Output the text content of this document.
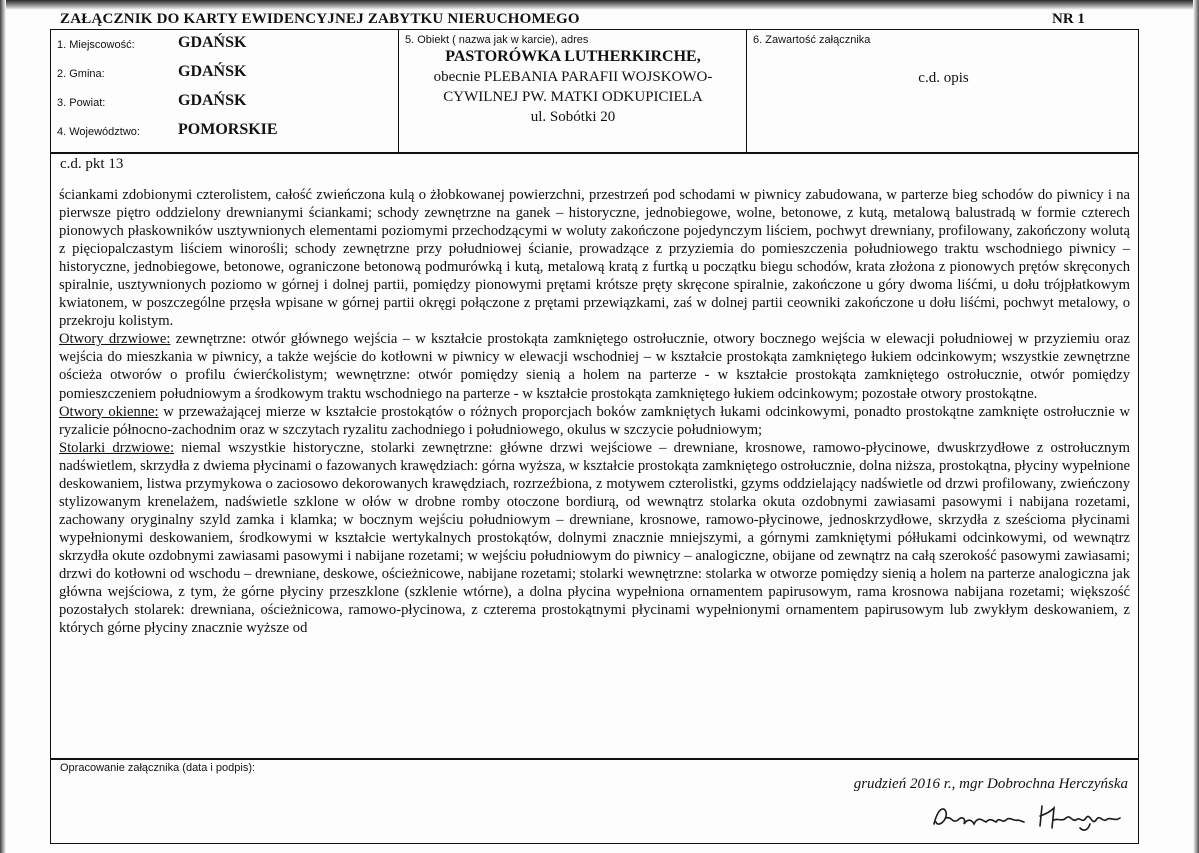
ZAŁĄCZNIK DO KARTY EWIDENCYJNEJ ZABYTKU NIERUCHOMEGO	NR 1
1. Miejscowość:	GDAŃSK
2. Gmina:	GDAŃSK
3. Powiat:	GDAŃSK
4. Województwo: POMORSKIE
5. Obiekt ( nazwa jak w karcie), adres
PASTORÓWKA LUTHERKIRCHE,
obecnie PLEBANIA PARAFII WOJSKOWO-
CYWILNEJ PW. MATKI ODKUPICIELA
ul. Sobótki 20
6. Zawartość załącznika
c.d. opis
c.d. pkt 13

ściankami zdobionymi czterolistem, całość zwieńczona kulą o żłobkowanej powierzchni, przestrzeń pod schodami w piwnicy zabudowana, w parterze bieg schodów do piwnicy i na pierwsze piętro oddzielony drewnianymi ściankami; schody zewnętrzne na ganek – historyczne, jednobiegowe, wolne, betonowe, z kutą, metalową balustradą w formie czterech pionowych płaskowników usztywnionych elementami poziomymi przechodzącymi w woluty zakończone pojedynczym liściem, pochwyt drewniany, profilowany, zakończony wolutą z pięciopalczastym liściem winorośli; schody zewnętrzne przy południowej ścianie, prowadzące z przyziemia do pomieszczenia południowego traktu wschodniego piwnicy – historyczne, jednobiegowe, betonowe, ograniczone betonową podmurówką i kutą, metalową kratą z furtką u początku biegu schodów, krata złożona z pionowych prętów skręconych spiralnie, usztywnionych poziomo w górnej i dolnej partii, pomiędzy pionowymi prętami krótsze pręty skręcone spiralnie, zakończone u góry dwoma liśćmi, u dołu trójpłatkowym kwiatonem, w poszczególne przęsła wpisane w górnej partii okręgi połączone z prętami przewiązkami, zaś w dolnej partii ceowniki zakończone u dołu liśćmi, pochwyt metalowy, o przekroju kolistym.

Otwory drzwiowe: zewnętrzne: otwór głównego wejścia – w kształcie prostokąta zamkniętego ostrołucznie, otwory bocznego wejścia w elewacji południowej w przyziemiu oraz wejścia do mieszkania w piwnicy, a także wejście do kotłowni w piwnicy w elewacji wschodniej – w kształcie prostokąta zamkniętego łukiem odcinkowym; wszystkie zewnętrzne ościeża otworów o profilu ćwierćkolistym; wewnętrzne: otwór pomiędzy sienią a holem na parterze - w kształcie prostokąta zamkniętego ostrołucznie, otwór pomiędzy pomieszczeniem południowym a środkowym traktu wschodniego na parterze - w kształcie prostokąta zamkniętego łukiem odcinkowym; pozostałe otwory prostokątne.

Otwory okienne: w przeważającej mierze w kształcie prostokątów o różnych proporcjach boków zamkniętych łukami odcinkowymi, ponadto prostokątne zamknięte ostrołucznie w ryzalicie północno-zachodnim oraz w szczytach ryzalitu zachodniego i południowego, okulus w szczycie południowym;

Stolarki drzwiowe: niemal wszystkie historyczne, stolarki zewnętrzne: główne drzwi wejściowe – drewniane, krosnowe, ramowo-płycinowe, dwuskrzydłowe z ostrołucznym nadświetlem, skrzydła z dwiema płycinami o fazowanych krawędziach: górna wyższa, w kształcie prostokąta zamkniętego ostrołucznie, dolna niższa, prostokątna, płyciny wypełnione deskowaniem, listwa przymykowa o zaciosowo dekorowanych krawędziach, rozrzeźbiona, z motywem czterolistki, gzyms oddzielający nadświetle od drzwi profilowany, zwieńczony stylizowanym krenelażem, nadświetle szklone w ołów w drobne romby otoczone bordiurą, od wewnątrz stolarka okuta ozdobnymi zawiasami pasowymi i nabijana rozetami, zachowany oryginalny szyld zamka i klamka; w bocznym wejściu południowym – drewniane, krosnowe, ramowo-płycinowe, jednoskrzydłowe, skrzydła z sześcioma płycinami wypełnionymi deskowaniem, środkowymi w kształcie wertykalnych prostokątów, dolnymi znacznie mniejszymi, a górnymi zamkniętymi półłukami odcinkowymi, od wewnątrz skrzydła okute ozdobnymi zawiasami pasowymi i nabijane rozetami; w wejściu południowym do piwnicy – analogiczne, obijane od zewnątrz na całą szerokość pasowymi zawiasami; drzwi do kotłowni od wschodu – drewniane, deskowe, ościeżnicowe, nabijane rozetami; stolarki wewnętrzne: stolarka w otworze pomiędzy sienią a holem na parterze analogiczna jak główna wejściowa, z tym, że górne płyciny przeszklone (szklenie wtórne), a dolna płycina wypełniona ornamentem papirusowym, rama krosnowa nabijana rozetami; większość pozostałych stolarek: drewniana, ościeżnicowa, ramowo-płycinowa, z czterema prostokątnymi płycinami wypełnionymi ornamentem papirusowym lub zwykłym deskowaniem, z których górne płyciny znacznie wyższe od

Opracowanie załącznika (data i podpis):
grudzień 2016 r., mgr Dobrochna Herczyńska
